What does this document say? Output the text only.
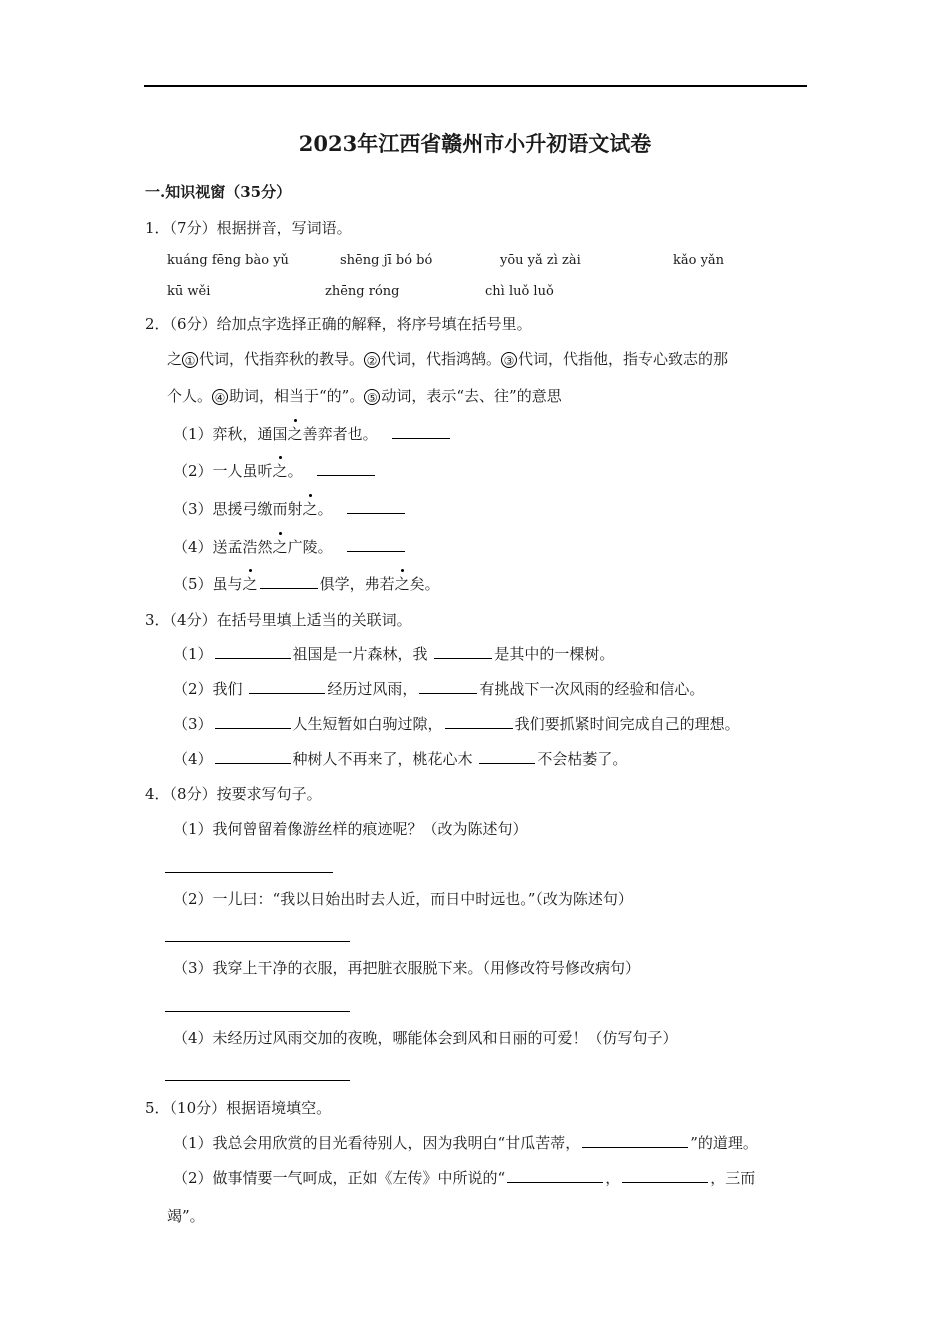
2023年江西省赣州市小升初语文试卷
一.知识视窗（35分）
1．（7分）根据拼音，写词语。
kuáng fēng bào yǔ	shēng jī bó bó	yōu yǎ zì zài	kǎo yǎn
kū wěi	zhēng róng	chì luǒ luǒ
2．（6分）给加点字选择正确的解释，将序号填在括号里。
之 ① 代词，代指弈秋的教导。 ② 代词，代指鸿鹄。 ③ 代词，代指他，指专心致志的那
个人。 ④ 助词，相当于“的”。 ⑤ 动词，表示“去、往”的意思
（1）弈秋，通国之善弈者也。
（2）一人虽听之。
（3）思援弓缴而射之。
（4）送孟浩然之广陵。
（5）虽与之	俱学，弗若之矣。
3．（4分）在括号里填上适当的关联词。
（1）	祖国是一片森林，我	是其中的一棵树。
（2）我们	经历过风雨，	有挑战下一次风雨的经验和信心。
（3）	人生短暂如白驹过隙，	我们要抓紧时间完成自己的理想。
（4）	种树人不再来了，桃花心木	不会枯萎了。
4．（8分）按要求写句子。
（1）我何曾留着像游丝样的痕迹呢？（改为陈述句）
（2）一儿曰：“我以日始出时去人近，而日中时远也。”（改为陈述句）
（3）我穿上干净的衣服，再把脏衣服脱下来。（用修改符号修改病句）
（4）未经历过风雨交加的夜晚，哪能体会到风和日丽的可爱！（仿写句子）
5．（10分）根据语境填空。
（1）我总会用欣赏的目光看待别人，因为我明白“甘瓜苦蒂，	”的道理。
（2）做事情要一气呵成，正如《左传》中所说的“	，	，三而
竭”。
